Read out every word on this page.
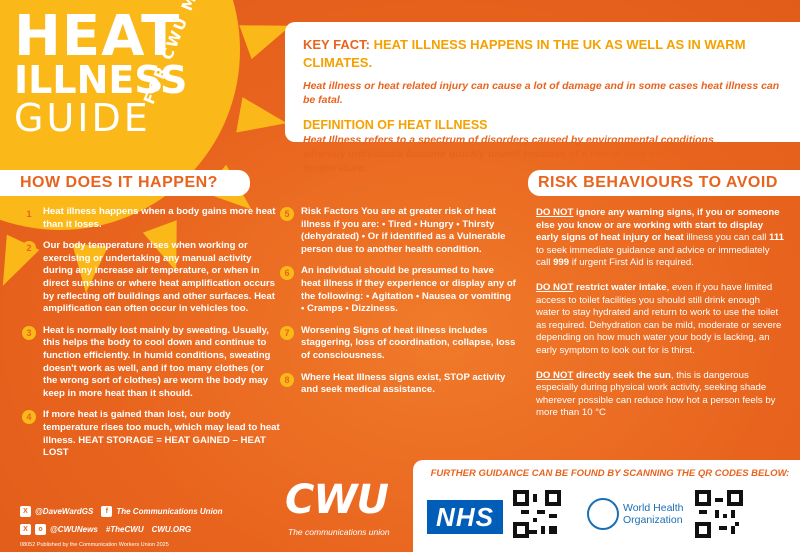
HEAT
ILLNESS
GUIDE
KEY FACT: HEAT ILLNESS HAPPENS IN THE UK AS WELL AS IN WARM CLIMATES.
Heat illness or heat related injury can cause a lot of damage and in some cases heat illness can be fatal.
DEFINITION OF HEAT ILLNESS
Heat Illness refers to a spectrum of disorders caused by environmental conditions whereby individuals become quickly unwell because of a rise in core body temperature.
HOW DOES IT HAPPEN?	RISK BEHAVIOURS TO AVOID
1	Heat illness happens when a body gains more heat than it loses.
2	Our body temperature rises when working or exercising or undertaking any manual activity during any increase air temperature, or when in direct sunshine or where heat amplification occurs by reflecting off buildings and other surfaces. Heat amplification can often occur in vehicles too.
3	Heat is normally lost mainly by sweating. Usually, this helps the body to cool down and continue to function efficiently. In humid conditions, sweating doesn't work as well, and if too many clothes (or the wrong sort of clothes) are worn the body may keep in more heat than it should.
4	If more heat is gained than lost, our body temperature rises too much, which may lead to heat illness. HEAT STORAGE = HEAT GAINED – HEAT LOST
5	Risk Factors You are at greater risk of heat illness if you are: • Tired • Hungry • Thirsty (dehydrated) • Or if identified as a Vulnerable person due to another health condition.
6	An individual should be presumed to have heat illness if they experience or display any of the following: • Agitation • Nausea or vomiting • Cramps • Dizziness.
7	Worsening Signs of heat illness includes staggering, loss of coordination, collapse, loss of consciousness.
8	Where Heat Illness signs exist, STOP activity and seek medical assistance.
DO NOT ignore any warning signs, if you or someone else you know or are working with start to display early signs of heat injury or heat illness you can call 111 to seek immediate guidance and advice or immediately call 999 if urgent First Aid is required.
DO NOT restrict water intake, even if you have limited access to toilet facilities you should still drink enough water to stay hydrated and return to work to use the toilet as required. Dehydration can be mild, moderate or severe depending on how much water your body is lacking, an early symptom to look out for is thirst.
DO NOT directly seek the sun, this is dangerous especially during physical work activity, seeking shade wherever possible can reduce how hot a person feels by more than 10 °C
FURTHER GUIDANCE CAN BE FOUND BY SCANNING THE QR CODES BELOW:
NHS	World Health
Organization
X @DaveWardGS	f	The Communications Union
X	o @CWUNews #TheCWU CWU.ORG
08052 Published by the Communication Workers Union 2025
CWU
The communications union
